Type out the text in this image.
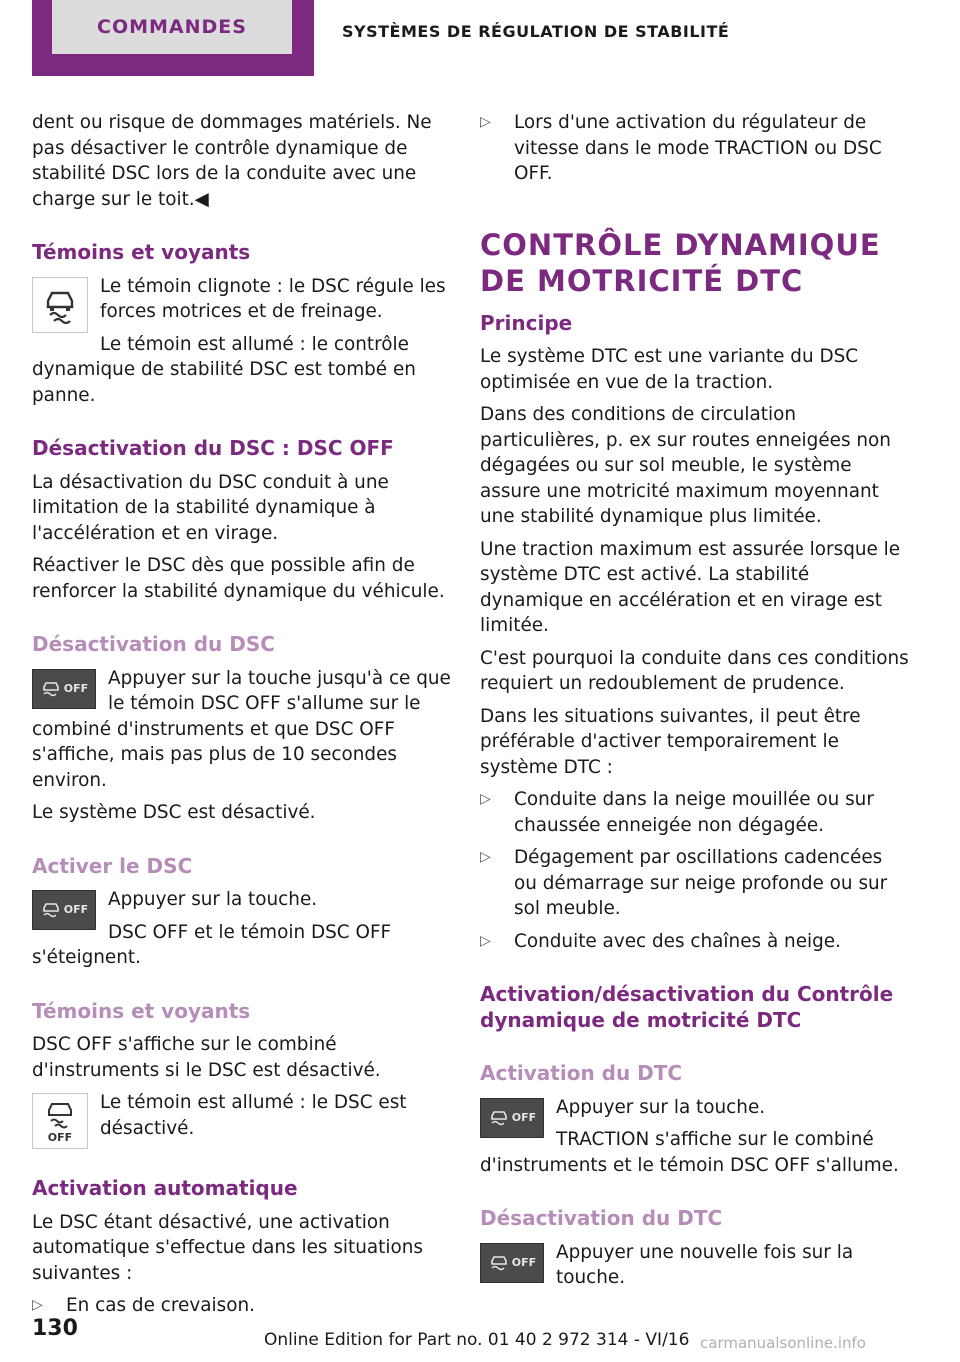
COMMANDES	SYSTÈMES DE RÉGULATION DE STABILITÉ

dent ou risque de dommages matériels. Ne pas désactiver le contrôle dynamique de stabilité DSC lors de la conduite avec une charge sur le toit.◀

Témoins et voyants

Le témoin clignote : le DSC régule les forces motrices et de freinage.

Le témoin est allumé : le contrôle dynamique de stabilité DSC est tombé en panne.

Désactivation du DSC : DSC OFF

La désactivation du DSC conduit à une limitation de la stabilité dynamique à l'accélération et en virage.

Réactiver le DSC dès que possible afin de renforcer la stabilité dynamique du véhicule.

Désactivation du DSC
OFF	Appuyer sur la touche jusqu'à ce que le témoin DSC OFF s'allume sur le combiné d'instruments et que DSC OFF s'affiche, mais pas plus de 10 secondes environ.

Le système DSC est désactivé.

Activer le DSC
OFF	Appuyer sur la touche.

DSC OFF et le témoin DSC OFF s'éteignent.

Témoins et voyants

DSC OFF s'affiche sur le combiné d'instruments si le DSC est désactivé.

OFF

Le témoin est allumé : le DSC est désactivé.

Activation automatique

Le DSC étant désactivé, une activation automatique s'effectue dans les situations suivantes :

▷ En cas de crevaison.
▷ Lors d'une activation du régulateur de vitesse dans le mode TRACTION ou DSC OFF.
CONTRÔLE DYNAMIQUE DE MOTRICITÉ DTC
Principe

Le système DTC est une variante du DSC optimisée en vue de la traction.

Dans des conditions de circulation particulières, p. ex sur routes enneigées non dégagées ou sur sol meuble, le système assure une motricité maximum moyennant une stabilité dynamique plus limitée.

Une traction maximum est assurée lorsque le système DTC est activé. La stabilité dynamique en accélération et en virage est limitée.

C'est pourquoi la conduite dans ces conditions requiert un redoublement de prudence.

Dans les situations suivantes, il peut être préférable d'activer temporairement le système DTC :

▷ Conduite dans la neige mouillée ou sur chaussée enneigée non dégagée.
▷ Dégagement par oscillations cadencées ou démarrage sur neige profonde ou sur sol meuble.
▷ Conduite avec des chaînes à neige.
Activation/désactivation du Contrôle dynamique de motricité DTC
Activation du DTC
OFF	Appuyer sur la touche.

TRACTION s'affiche sur le combiné d'instruments et le témoin DSC OFF s'allume.

Désactivation du DTC
OFF	Appuyer une nouvelle fois sur la touche.

130	Online Edition for Part no. 01 40 2 972 314 - VI/16 carmanualsonline.info
